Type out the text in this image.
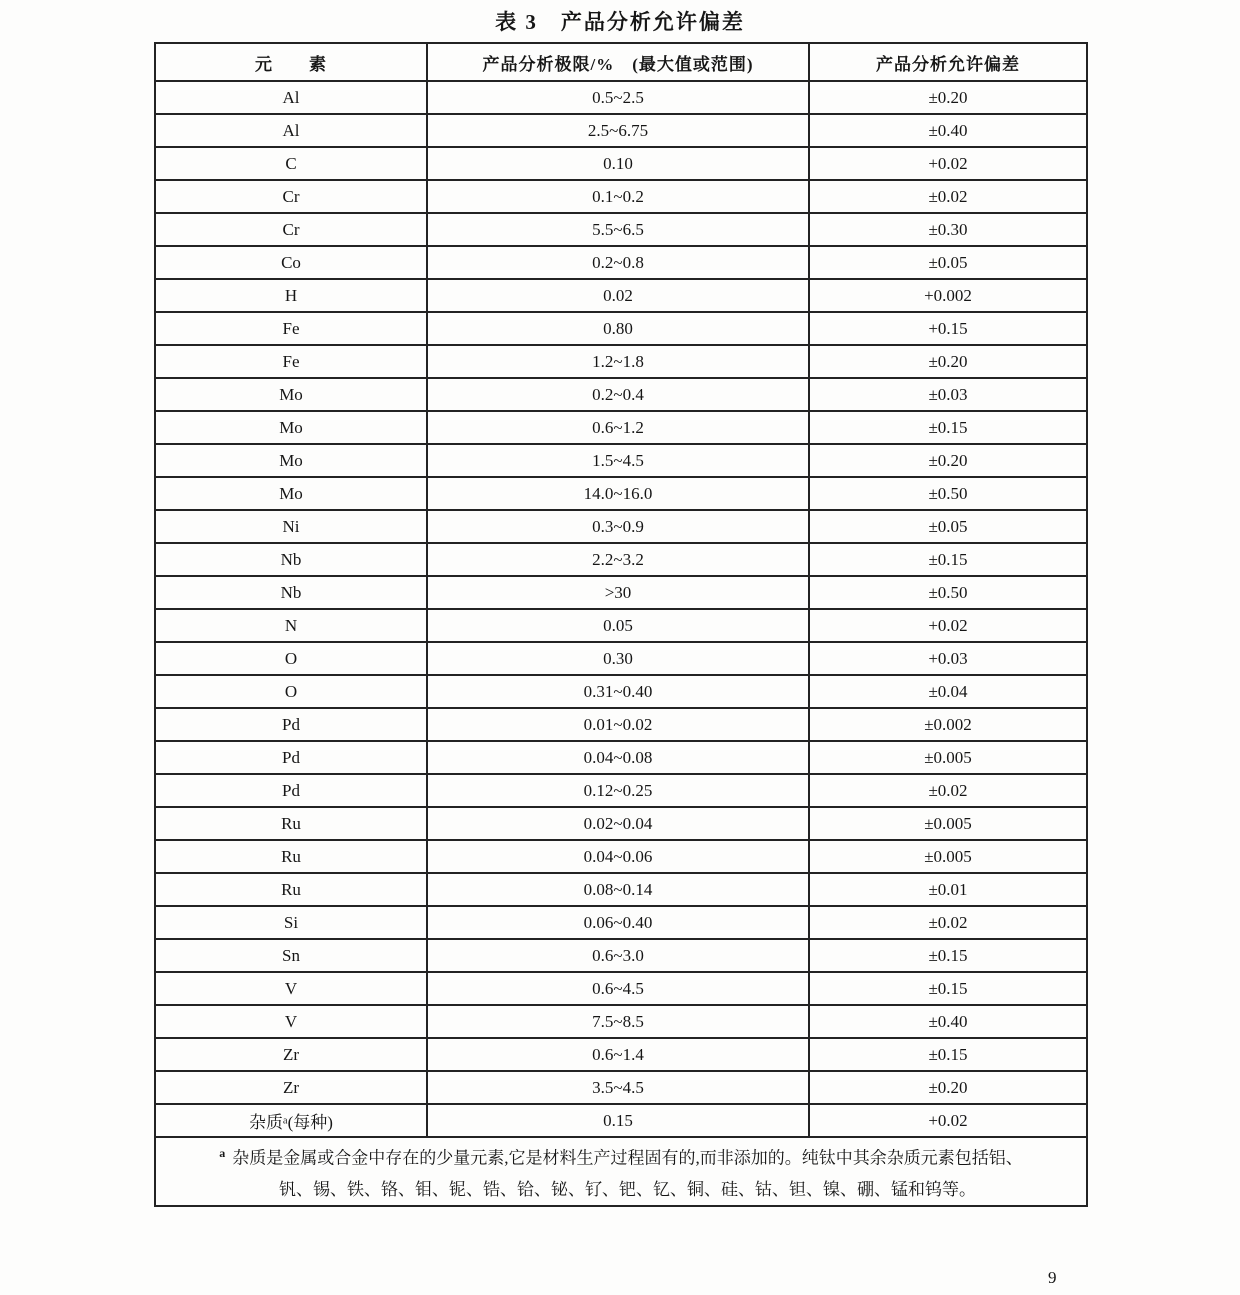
表 3　产品分析允许偏差
元　　素	产品分析极限/%　(最大值或范围)	产品分析允许偏差
Al	0.5~2.5	±0.20
Al	2.5~6.75	±0.40
C	0.10	+0.02
Cr	0.1~0.2	±0.02
Cr	5.5~6.5	±0.30
Co	0.2~0.8	±0.05
H	0.02	+0.002
Fe	0.80	+0.15
Fe	1.2~1.8	±0.20
Mo	0.2~0.4	±0.03
Mo	0.6~1.2	±0.15
Mo	1.5~4.5	±0.20
Mo	14.0~16.0	±0.50
Ni	0.3~0.9	±0.05
Nb	2.2~3.2	±0.15
Nb	>30	±0.50
N	0.05	+0.02
O	0.30	+0.03
O	0.31~0.40	±0.04
Pd	0.01~0.02	±0.002
Pd	0.04~0.08	±0.005
Pd	0.12~0.25	±0.02
Ru	0.02~0.04	±0.005
Ru	0.04~0.06	±0.005
Ru	0.08~0.14	±0.01
Si	0.06~0.40	±0.02
Sn	0.6~3.0	±0.15
V	0.6~4.5	±0.15
V	7.5~8.5	±0.40
Zr	0.6~1.4	±0.15
Zr	3.5~4.5	±0.20
杂质ᵃ(每种)	0.15	+0.02

a 杂质是金属或合金中存在的少量元素,它是材料生产过程固有的,而非添加的。纯钛中其余杂质元素包括铝、
钒、锡、铁、铬、钼、铌、锆、铪、铋、钌、钯、钇、铜、硅、钴、钽、镍、硼、锰和钨等。		
9
